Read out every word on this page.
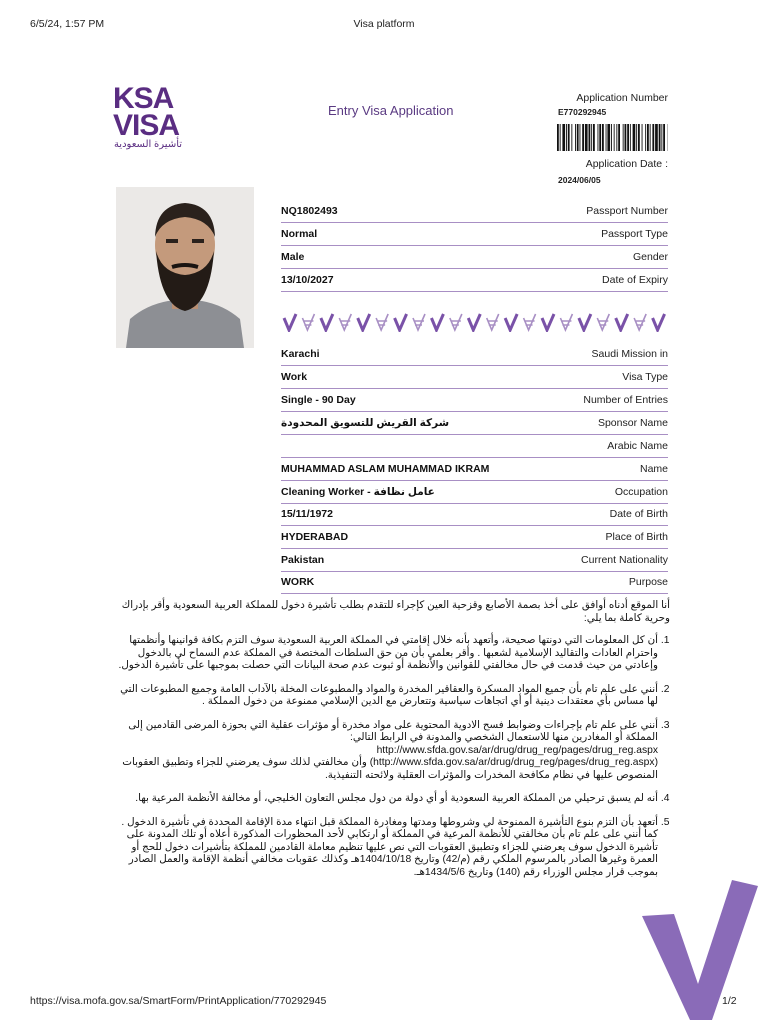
6/5/24, 1:57 PM	Visa platform
https://visa.mofa.gov.sa/SmartForm/PrintApplication/770292945	1/2
KSA
VISA
تأشيرة السعودية
Entry Visa Application
Application Number
E770292945
: Application Date
2024/06/05
NQ1802493	Passport Number
Normal	Passport Type
Male	Gender
13/10/2027	Date of Expiry
Karachi	Saudi Mission in
Work	Visa Type
Single - 90 Day	Number of Entries
شركة القريش للتسويق المحدودة	Sponsor Name
Arabic Name
MUHAMMAD ASLAM MUHAMMAD IKRAM	Name
Cleaning Worker - عامل نظافة	Occupation
15/11/1972	Date of Birth
HYDERABAD	Place of Birth
Pakistan	Current Nationality
WORK	Purpose

أنا الموقع أدناه أوافق على أخذ بصمة الأصابع وقزحية العين كإجراء للتقدم بطلب تأشيرة دخول للمملكة العربية السعودية وأقر بإدراك وحرية كاملة بما يلي:

1. أن كل المعلومات التي دونتها صحيحة، وأتعهد بأنه خلال إقامتي في المملكة العربية السعودية سوف التزم بكافة قوانينها وأنظمتها واحترام العادات والتقاليد الإسلامية لشعبها . وأقر بعلمي بأن من حق السلطات المختصة في المملكة عدم السماح لي بالدخول وإعادتي من حيث قدمت في حال مخالفتي للقوانين والأنظمة أو ثبوت عدم صحة البيانات التي حصلت بموجبها على تأشيرة الدخول.
2. أنني على علم تام بأن جميع المواد المسكرة والعقاقير المخدرة والمواد والمطبوعات المخلة بالآداب العامة وجميع المطبوعات التي لها مساس بأي معتقدات دينية أو أي اتجاهات سياسية وتتعارض مع الدين الإسلامي ممنوعة من دخول المملكة .
3. أنني على علم تام بإجراءات وضوابط فسح الادوية المحتوية على مواد مخدرة أو مؤثرات عقلية التي بحوزة المرضى القادمين إلى المملكة أو المغادرين منها للاستعمال الشخصي والمدونة في الرابط التالي:
http://www.sfda.gov.sa/ar/drug/drug_reg/pages/drug_reg.aspx
(http://www.sfda.gov.sa/ar/drug/drug_reg/pages/drug_reg.aspx) وأن مخالفتي لذلك سوف يعرضني للجزاء وتطبيق العقوبات المنصوص عليها في نظام مكافحة المخدرات والمؤثرات العقلية ولائحته التنفيذية.
4. أنه لم يسبق ترحيلي من المملكة العربية السعودية أو أي دولة من دول مجلس التعاون الخليجي، أو مخالفة الأنظمة المرعية بها.
5. أتعهد بأن التزم بنوع التأشيرة الممنوحة لي وشروطها ومدتها ومغادرة المملكة قبل انتهاء مدة الإقامة المحددة في تأشيرة الدخول . كما أنني على علم تام بأن مخالفتي للأنظمة المرعية في المملكة أو ارتكابي لأحد المحظورات المذكورة أعلاه أو تلك المدونة على تأشيرة الدخول سوف يعرضني للجزاء وتطبيق العقوبات التي نص عليها تنظيم معاملة القادمين للمملكة بتأشيرات دخول للحج أو العمرة وغيرها الصادر بالمرسوم الملكي رقم (م/42) وتاريخ 1404/10/18هـ وكذلك عقوبات مخالفي أنظمة الإقامة والعمل الصادر بموجب قرار مجلس الوزراء رقم (140) وتاريخ 1434/5/6هـ.
